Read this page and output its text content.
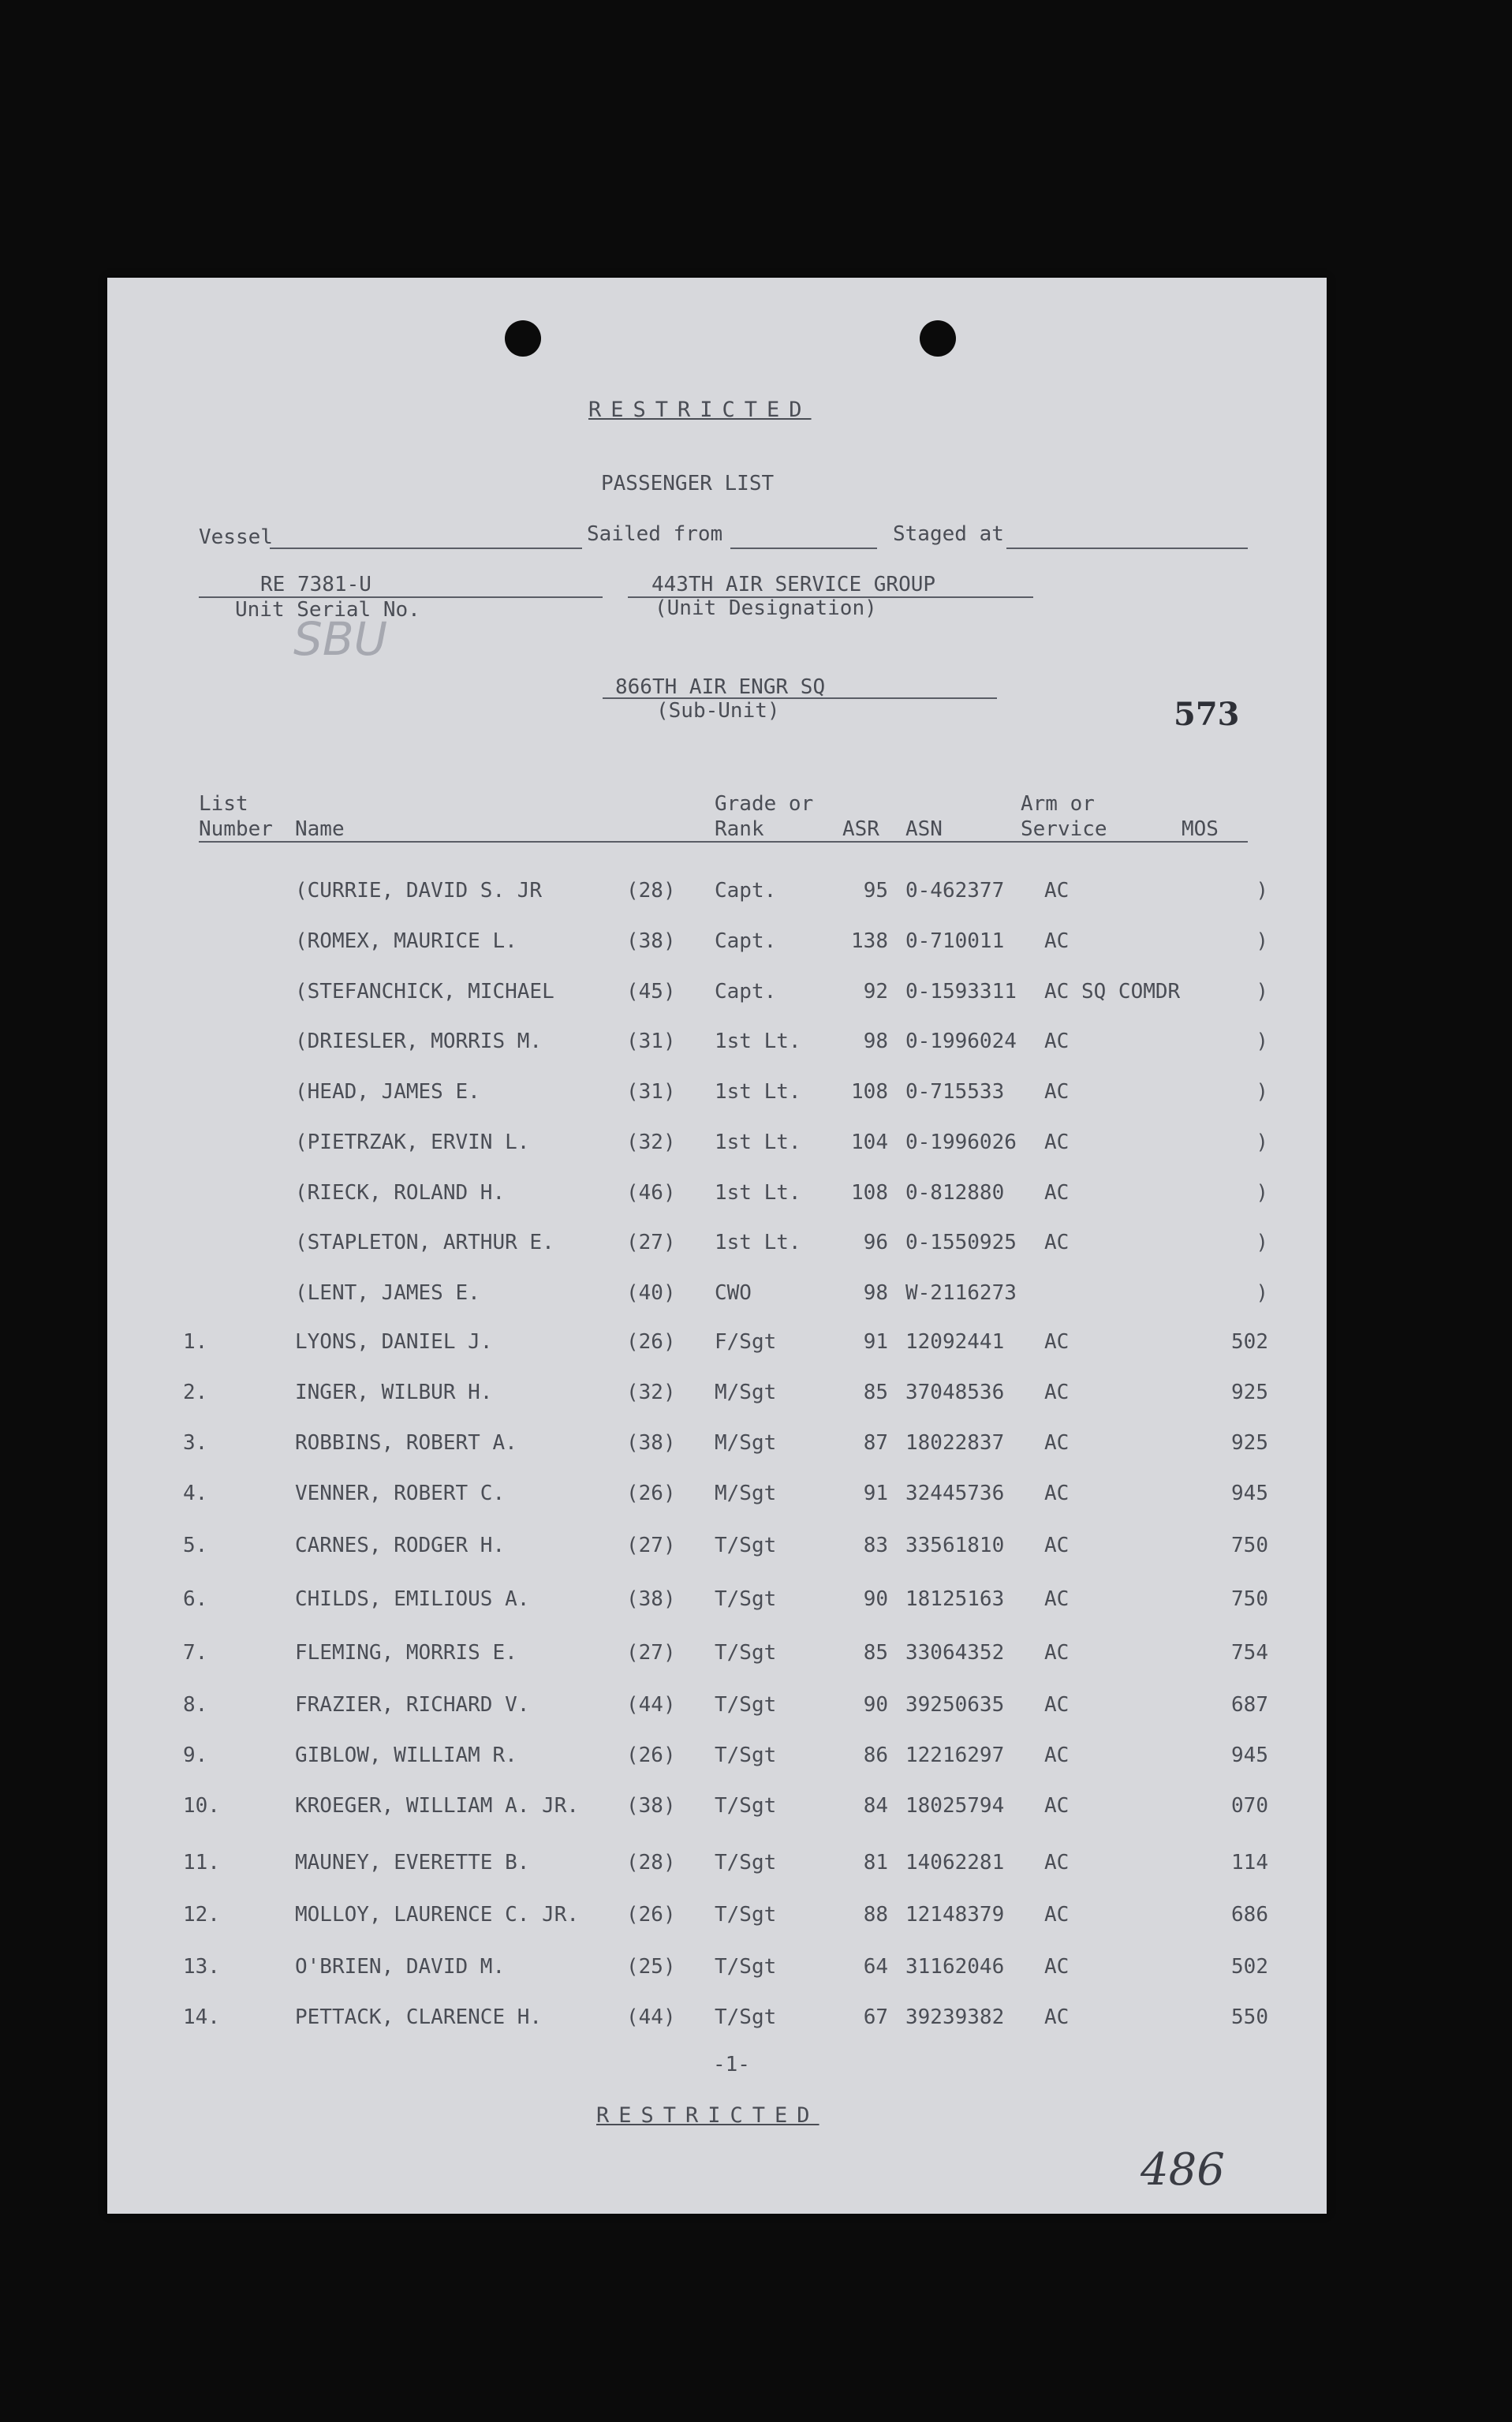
RESTRICTED
PASSENGER LIST
Vessel	Sailed from	Staged at
RE 7381-U
Unit Serial No.
443TH AIR SERVICE GROUP
(Unit Designation)
SBU
866TH AIR ENGR SQ
(Sub-Unit)	573
List
Number Name
Grade or
Rank	ASR ASN
Arm or
Service	MOS
(CURRIE, DAVID S. JR	(28) Capt.	95 0-462377 AC	)
(ROMEX, MAURICE L.	(38) Capt.	138 0-710011 AC	)
(STEFANCHICK, MICHAEL	(45) Capt.	92 0-1593311 AC SQ COMDR	)
(DRIESLER, MORRIS M.	(31) 1st Lt.	98 0-1996024 AC	)
(HEAD, JAMES E.	(31) 1st Lt.	108 0-715533 AC	)
(PIETRZAK, ERVIN L.	(32) 1st Lt.	104 0-1996026 AC	)
(RIECK, ROLAND H.	(46) 1st Lt.	108 0-812880 AC	)
(STAPLETON, ARTHUR E.	(27) 1st Lt.	96 0-1550925 AC	)
(LENT, JAMES E.	(40) CWO	98 W-2116273	)
1.	LYONS, DANIEL J.	(26) F/Sgt	91 12092441 AC	502
2.	INGER, WILBUR H.	(32) M/Sgt	85 37048536 AC	925
3.	ROBBINS, ROBERT A.	(38) M/Sgt	87 18022837 AC	925
4.	VENNER, ROBERT C.	(26) M/Sgt	91 32445736 AC	945
5.	CARNES, RODGER H.	(27) T/Sgt	83 33561810 AC	750
6.	CHILDS, EMILIOUS A.	(38) T/Sgt	90 18125163 AC	750
7.	FLEMING, MORRIS E.	(27) T/Sgt	85 33064352 AC	754
8.	FRAZIER, RICHARD V.	(44) T/Sgt	90 39250635 AC	687
9.	GIBLOW, WILLIAM R.	(26) T/Sgt	86 12216297 AC	945
10.	KROEGER, WILLIAM A. JR. (38) T/Sgt	84 18025794 AC	070
11.	MAUNEY, EVERETTE B.	(28) T/Sgt	81 14062281 AC	114
12.	MOLLOY, LAURENCE C. JR. (26) T/Sgt	88 12148379 AC	686
13.	O'BRIEN, DAVID M.	(25) T/Sgt	64 31162046 AC	502
14.	PETTACK, CLARENCE H.	(44) T/Sgt	67 39239382 AC	550
-1-
RESTRICTED
486
